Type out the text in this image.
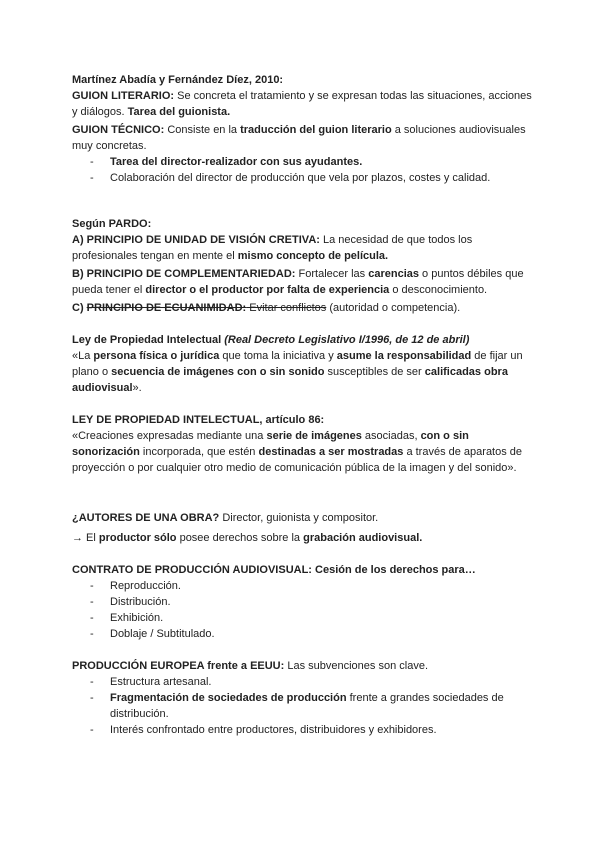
Martínez Abadía y Fernández Díez, 2010:

GUION LITERARIO: Se concreta el tratamiento y se expresan todas las situaciones, acciones y diálogos. Tarea del guionista.

GUION TÉCNICO: Consiste en la traducción del guion literario a soluciones audiovisuales muy concretas.

- Tarea del director-realizador con sus ayudantes.
- Colaboración del director de producción que vela por plazos, costes y calidad.

Según PARDO:

A) PRINCIPIO DE UNIDAD DE VISIÓN CRETIVA: La necesidad de que todos los profesionales tengan en mente el mismo concepto de película.

B) PRINCIPIO DE COMPLEMENTARIEDAD: Fortalecer las carencias o puntos débiles que pueda tener el director o el productor por falta de experiencia o desconocimiento.

C) PRINCIPIO DE ECUANIMIDAD: Evitar conflictos (autoridad o competencia).

Ley de Propiedad Intelectual (Real Decreto Legislativo I/1996, de 12 de abril)

«La persona física o jurídica que toma la iniciativa y asume la responsabilidad de fijar un plano o secuencia de imágenes con o sin sonido susceptibles de ser calificadas obra audiovisual».

LEY DE PROPIEDAD INTELECTUAL, artículo 86:

«Creaciones expresadas mediante una serie de imágenes asociadas, con o sin sonorización incorporada, que estén destinadas a ser mostradas a través de aparatos de proyección o por cualquier otro medio de comunicación pública de la imagen y del sonido».

¿AUTORES DE UNA OBRA? Director, guionista y compositor.

→ El productor sólo posee derechos sobre la grabación audiovisual.

CONTRATO DE PRODUCCIÓN AUDIOVISUAL: Cesión de los derechos para…

- Reproducción.
- Distribución.
- Exhibición.
- Doblaje / Subtitulado.

PRODUCCIÓN EUROPEA frente a EEUU: Las subvenciones son clave.

- Estructura artesanal.
- Fragmentación de sociedades de producción frente a grandes sociedades de distribución.
- Interés confrontado entre productores, distribuidores y exhibidores.
